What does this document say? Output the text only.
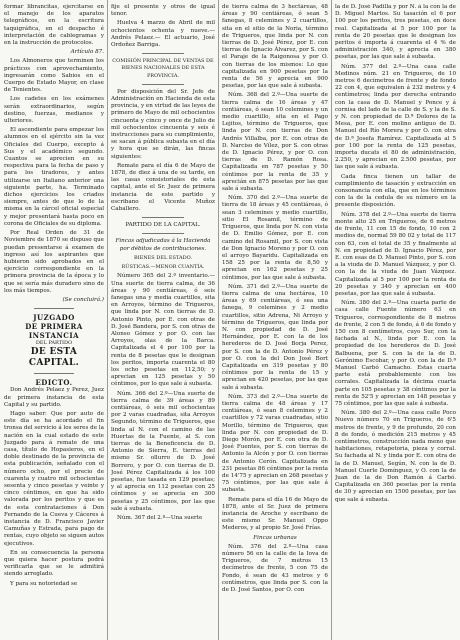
formar librancitas, ejercitarse en el manejo de los aparatos telegráficos, en la escritura taquigráfica, en el despacho é interpretación de cablegramas y en la instrucción de protocolos.

Artículo 87.

Los Almoneros que terminen los prácticos con aprovechamiento, ingresarán como Sabios en el Cuerpo de Estado Mayor, en clase de Tenientes.

Los cadetes en los exámenes serán extraordinarios, según destino, fuerzas, medianos y ulteriores.

El ascendiente para empezar los alumnos en el ejército sin la vez Oficiales del Cuerpo, excepto á Sus y el académico segundo. Cuantos se aprecien en su respectiva para la fecha de paso y para los tiradores, y antes utilizarse un Italiano anterior una siguiente parte, ha. Terminado dichos ejercicios los criados siempre, antes de que lo de la misma en la cárcel oficial especial y mejor presentará hasta poco en corona de Oficiales de su diploma.

Por Real Orden de 31 de Noviembre de 1870 se dispuso que puedan presentarse á examen de ingreso así los aspirantes que hubieron sido aprobados en el ejercicio correspondiente en la primera provincia de la época y lo que se sería más duradero sino de los más tiempos.

(Se concluirá.)

JUZGADO
DE PRIMERA INSTANCIA
DEL PARTIDO
DE ESTA CAPITAL.
EDICTO.

Don Andrés Pelaez y Perez, Juez de primera instancia de esta Capital y su partido.

Hago saber: Que por auto de este día se ha acordado el fin tronsa del servicio á los seres de la nación en la cual estado de este Juzgado para á remate de una casa, título de Hopasieros, en el doble destinado de la provincia de esta publicación, señalado con el número ocho, por el precio de cuarenta y cuatro mil ochocientas sesenta y cinco pesetas y veinte y cinco céntimos, en que ha sido valorada por los peritos y que es de esta contrataciones á Don Fernando de la Cueva y Cáceres á instancia de D. Francisco Javier Camuñas y Estrada, para pago de rentas, cuyo objeto se siguen autos ejecutivos.

En su consecuencia la persona que quiera hacer postura podrá verificarla que se le admitirá siendo arreglado.

Y para su notoriedad se

fije el presente y otros de igual tenor.

Huelva 4 marzo de Abril de mil ochocientos ochenta y nueve.— Andrés Pelaez.— El actuario, José Ordoñez Barriga.

COMISIÓN PRINCIPAL DE VENTAS DE BIENES NACIONALES DE ESTA PROVINCIA.

Por disposición del Sr. Jefe de Administración en Hacienda de esta provincia, y en virtud de las leyes de primero de Mayo de mil ochocientos cincuenta y cinco y once de Julio de mil ochocientos cincuenta y seis é instrucciones para su cumplimiento, se sacan á pública subasta en el día y hora que se dirán, las fincas siguientes:

Remate para el día 6 de Mayo de 1878, de diez á una de su tarde, en las casas consistoriales de esta capital, ante el Sr. Juez de primera instancia de este partido y escribano el Vicente Muñoz Caballero.

PARTIDO DE LA CAPITAL.

Fincas adjudicadas á la Hacienda por débitos de contribuciones.

BIENES DEL ESTADO.

RÚSTICAS.—MENOR CUANTÍA.

Número 365 del 2.º inventario.— Una suerte de tierra calma, de 36 áreas y 90 centiáreas, ó seis fanegas una y media cuartillos, sita en Arroyos, término de Trigueros, que linda por N. con tierras de D. Antonio Pinto, por E. con otras de D. José Bandera, por S. con otras de Alonso Gómez y por O. con las Arroyos, olas de la Barca. Capitalizada el 4 por 100 por la renta de 8 pesetas que le designan los peritos, importa cuarenta el 80 los ocho pesetas en 112,50; y aprecian en 125 pesetas y 50 céntimos, por lo que sale á subasta.

Núm. 366 del 2.º—Una suerte de tierra calma de 39 áreas y 89 centiáreas, ó seis mil ochocientas por 2 varas cuadradas, sita Arroyos Segundo, término de Trigueros, que linda al N. con el camino de las Huertas de la Fuente, al S. con tierras de la Beneficencia de D. Antonio de Sierra, E. tierras del mismo Sr. ollurro de D. José Borrero, y por O. con tierras de D. José Pérez Capitalizada á los 100 pesetas, fue tasada en 129 pesetas; y al aprecia en 112 pesetas con 25 céntimos y se aprecia en 300 pesetas y 25 céntimos, por las que sale á subasta.

Núm. 367 del 2.º—Una suerte

de tierra calma de 3 hectáreas, 48 áreas y 90 centiáreas, ó sean 5 fanegas, 8 celemines y 2 cuartillos, sita en el sitio de la Noria, término de Trigueros, que linda por N. con tierras de D. José Pérez, por E. con tierras de Ignacio Álvarez, por S. con el Paraje de la Raigonosa y por O. con tierras de los mismos: Lo que capitalizada en 900 pesetas por la renta de 56 y aprecia en 900 pesetas, por las que sale á subasta.

Núm. 368 del 2.º—Una suerte de tierra calma de 16 áreas y 47 centiáreas, ó sean 10 celemines y un medio cuartillo, sita en el Pago Lejitos, término de Trigueros, que linda por N. con tierras de Don Andrés Villalba, por E. con otras de D. Narciso de Vílez, por S. con otras de D. Ignacio Pérez, y por O. con tierras de D. Ramón Rosa. Capitalizada en 787 pesetas y 50 céntimos por la renta de 35 y aprecián en 875 pesetas por las que sale á subasta.

Núm. 370 del 2.º—Una suerte de tierra de 18 áreas y 45 centiáreas, ó sean 3 celemines y medio cuartillo, sitio El Rosamil, término de Trigueros, que linda por N. con vista de D. Emilio Gómez, por E. con camino del Rosamil, por S. con vista de Don Ignacio Moreno y por O. con el arroyo Bayaridu. Capitalizada en 158 25 por la renta de 8,50 y aprecian en 162 pesetas y 25 céntimos, por las que sale á subasta.

Núm. 371 del 2.º—Una suerte de tierra calma de una hectárea, 10 áreas y 69 centiáreas, ó sea una fanega, 9 celemines y 2 medio cuartillos, sitio Adrena, Ni Arroyo y término de Trigueros, que linda por N. con propiedad de D. José Hernández, por E. con la de los herederos de D. José Borja Perez, por S. con la de D. Antonio Pérez y por O. con la del Don José Bort Capitalizada en 319 pesetas y 80 céntimos por la renta de 15 y aprecian en 420 pesetas, por las que sale á subasta.

Núm. 373 del 2.º—Una suerte de tierra calma de 48 áreas y 17 centiáreas, ó sean 8 celemines y 2 cuartillos y 72 varas cuadradas, sitio Morillo, término de Trigueros, que linda por N. con propiedad de D. Diego Morón, por E. con otra de D. José Fuentes, por S. con tierras de Antonio la Alcón y por O. con tierras de Antonio Cerón. Capitalizada en 231 pesetas 86 céntimos por la renta de 14'75 y aprecian en 268 pesetas y 75 céntimos, por las que sale á subasta.

Remate para el día 16 de Mayo de 1878, ante el Sr. Juez de primera instancia de Aroche y escribano de este mismo Sr. Manuel Oppo Mederos, y al propio Sr. José Frías.

Fincas urbanas

Núm. 376 del 2.º—Una casa número 56 en la calle de la Iova de Trigueros, de 7 metros 15 decímetros de frente, 5 con 75 de Fondo, é sean de 43 metros y 6 centímetros, que linda por S. con la de D. José Santos, por O. con

la de D. José Padilla y por N. á la con la de D. Miguel Martos. Su tasación el 6 por 100 por los peritos, tres pesetas, en doce real. Capitalizada al 5 por 100 por la renta de 20 pesetas que le designan los peritos é importa á cuarenta el 4 % de administración 340, y aprecia en 380 pesetas, por las que sale á subasta.

Núm. 377 del 2.º—Una casa calle Medinos núm. 21 en Trigueros, de 10 metros 6 decímetros de frente y de fondo 22 con 4, que equivalen á 232 metros y 4 centímetros; linda por derecha entrando con la casa de D. Manuel y Ponce y á cornisa del lado de la calle de S. y la de S. y N. con propiedad de D.ª Dolores de la Mesa, por E. con molino antiguo de D. Manuel del Río Morera y por O. con otra de D.ª Josefa Ramírez. Capitalizada al 5 por 100 por la renta de 125 pesetas, importa ducats el 80 de administración, 2.250, y aprecian en 2.500 pesetas, por las que sale á subasta.

Cada finca tienen un tallar de cumplimiento de tasación y extracción en consonancia con ella, que en los términos con la de la cedula de su número en la presente disposición.

Núm. 378 del 2.º—Una suerte de tierra monte alto 25 en Trigueros, de 6 metros de frente, 11 con 15 de fondo, 10 con 2 medios de, normal 59 80 02 y total de 117 con 63, con el total de 35 y finalmente al N. en propiedad de D. Ignacio Pérez, por E. con esas de D. Manuel Pinto, por S. con a la viuda de D. Manuel Vázquez, y por O. con la de la viuda de Juan Vázquez. Capitalizada al 5 por 100 por la renta de 20 pesetas y 340 y aprecian en 400 pesetas, por las que sale á subasta.

Núm. 380 del 2.º—Una cuarta parte de casa calle Fuente número 63 en Trigueros, correspondiente de 8 metros de frente, 2 con 5 de fondo, á 6 de fondo y 150 con 8 centímetros, cuyo Sur, con la fachada al N., linda por E. con la propiedad de los herederos de D. José Balbuena, por S. con la de la de D. Gerónimo Escobar, y por O. con la de D.ª Manuel Carbó Camacho. Estas cuarta parte está probablemente con los corrales. Capitalizada la décima cuarta parte en 105 pesetas y 38 céntimos por la renta de 52'5 y aprecian en 148 pesetas y 75 céntimos, por las que sale á subasta.

Núm. 380 del 2.º—Una casa calle Poco Nuevo número 70 en Trigueros, de 6'5 metros de frente, y 9 de profundo, 20 con 8 de fondo, ó medición 215 metros y 45 centímetros, construcción nada meno que habitaciones, retapetoria, pieza y corral. Su fachada al N. y linda por E. con otra de la de D. Manuel, Según, N. con la de D. Manuel Cuerle Domínguez, y O. con la de Juan de la de Don Ramón á Carbó. Capitalizada en 360 pesetas por la renta de 30 y aprecian en 1500 pesetas, por las que sale á subasta.
